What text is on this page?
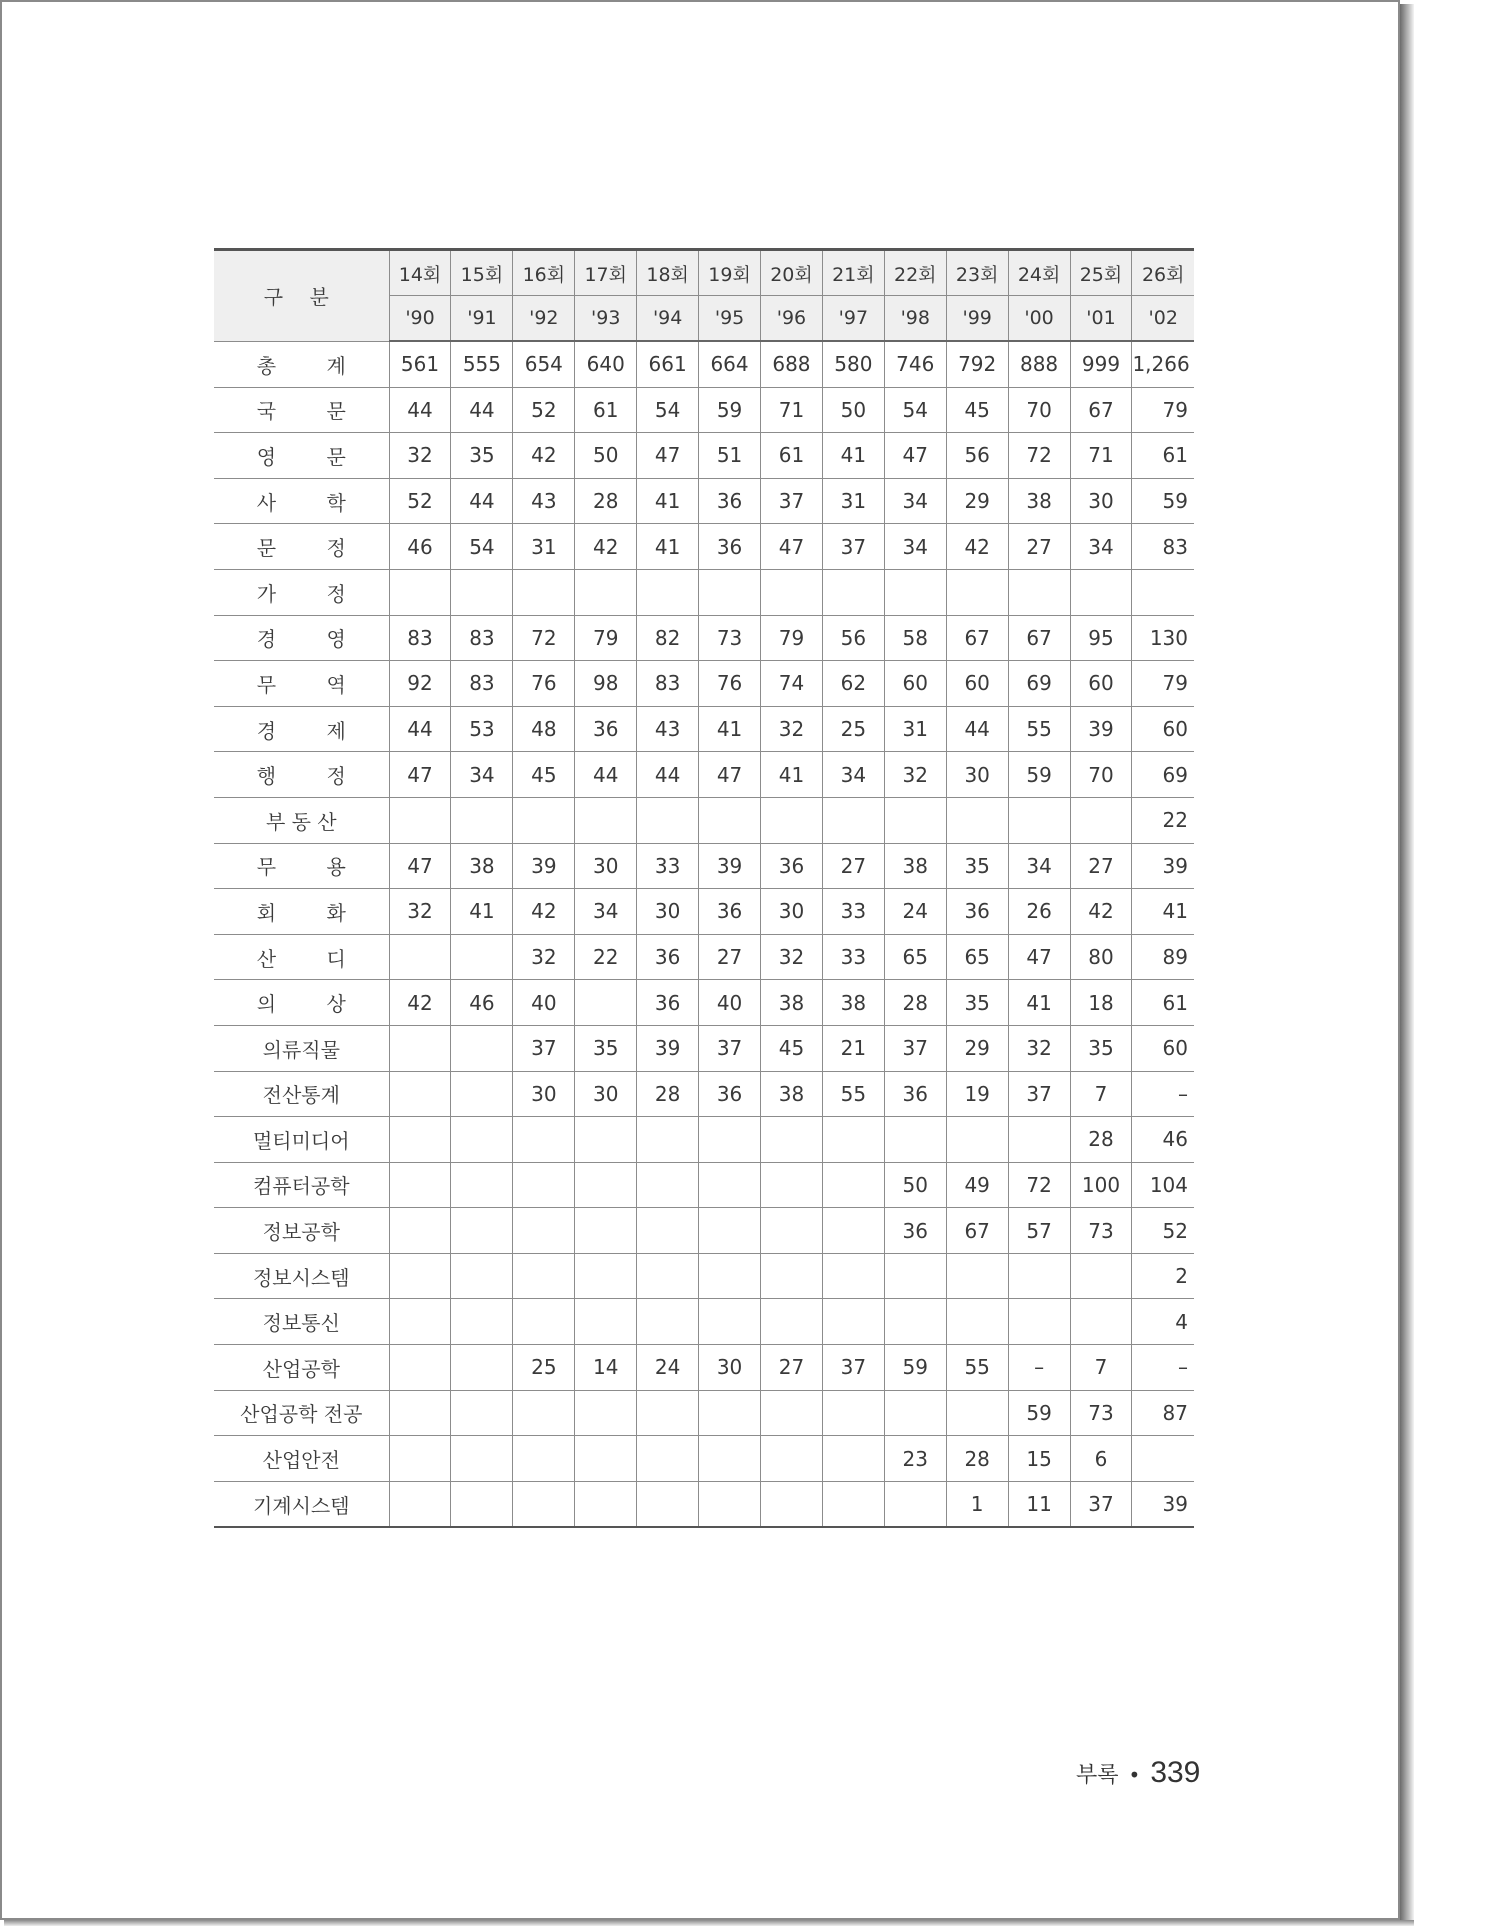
구 분	14회	15회	16회	17회	18회	19회	20회	21회	22회	23회	24회	25회	26회
	'90	'91	'92	'93	'94	'95	'96	'97	'98	'99	'00	'01	'02
총 계	561	555	654	640	661	664	688	580	746	792	888	999	1,266
국 문	44	44	52	61	54	59	71	50	54	45	70	67	79
영 문	32	35	42	50	47	51	61	41	47	56	72	71	61
사 학	52	44	43	28	41	36	37	31	34	29	38	30	59
문 정	46	54	31	42	41	36	47	37	34	42	27	34	83
가 정													
경 영	83	83	72	79	82	73	79	56	58	67	67	95	130
무 역	92	83	76	98	83	76	74	62	60	60	69	60	79
경 제	44	53	48	36	43	41	32	25	31	44	55	39	60
행 정	47	34	45	44	44	47	41	34	32	30	59	70	69
부 동 산													22
무 용	47	38	39	30	33	39	36	27	38	35	34	27	39
회 화	32	41	42	34	30	36	30	33	24	36	26	42	41
산 디			32	22	36	27	32	33	65	65	47	80	89
의 상	42	46	40		36	40	38	38	28	35	41	18	61
의류직물			37	35	39	37	45	21	37	29	32	35	60
전산통계			30	30	28	36	38	55	36	19	37	7	–
멀티미디어												28	46
컴퓨터공학									50	49	72	100	104
정보공학									36	67	57	73	52
정보시스템													2
정보통신													4
산업공학			25	14	24	30	27	37	59	55	–	7	–
산업공학 전공											59	73	87
산업안전									23	28	15	6	
기계시스템										1	11	37	39
부록 • 339
